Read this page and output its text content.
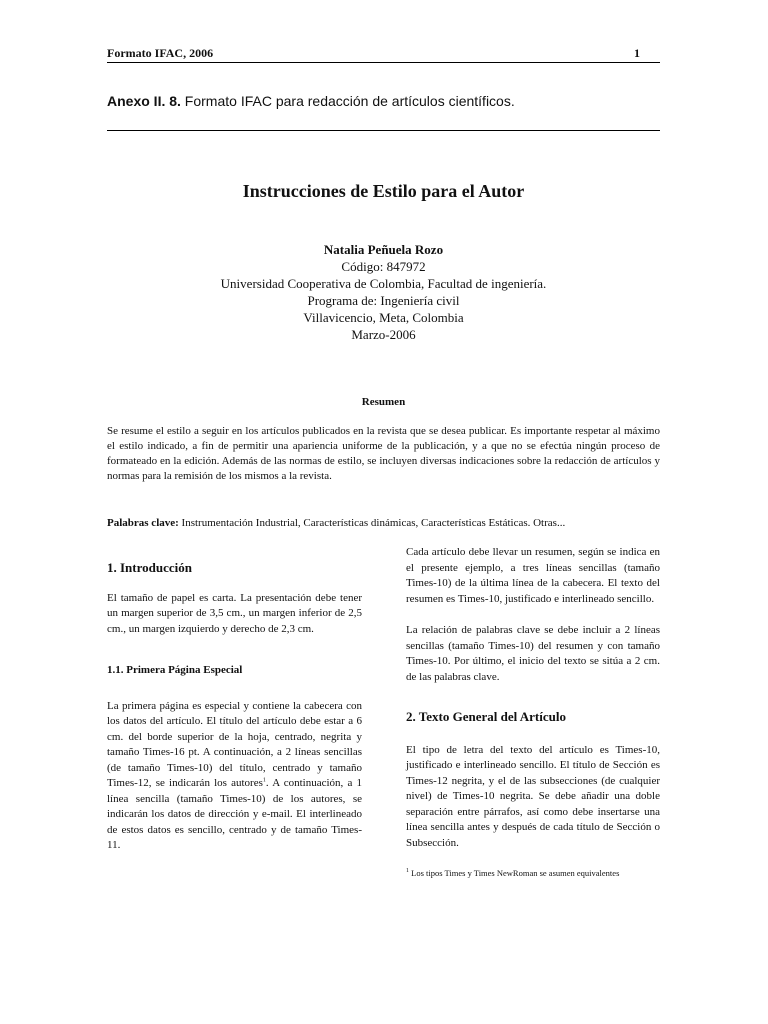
Formato IFAC, 2006	1
Anexo II. 8. Formato IFAC para redacción de artículos científicos.
Instrucciones de Estilo para el Autor
Natalia Peñuela Rozo
Código: 847972
Universidad Cooperativa de Colombia, Facultad de ingeniería.
Programa de: Ingeniería civil
Villavicencio, Meta, Colombia
Marzo-2006
Resumen

Se resume el estilo a seguir en los artículos publicados en la revista que se desea publicar. Es importante respetar al máximo el estilo indicado, a fin de permitir una apariencia uniforme de la publicación, y a que no se efectúa ningún proceso de formateado en la edición. Además de las normas de estilo, se incluyen diversas indicaciones sobre la redacción de artículos y normas para la remisión de los mismos a la revista.

Palabras clave: Instrumentación Industrial, Características dinámicas, Características Estáticas. Otras...

1. Introducción

El tamaño de papel es carta. La presentación debe tener un margen superior de 3,5 cm., un margen inferior de 2,5 cm., un margen izquierdo y derecho de 2,3 cm.

1.1. Primera Página Especial

La primera página es especial y contiene la cabecera con los datos del artículo. El título del artículo debe estar a 6 cm. del borde superior de la hoja, centrado, negrita y tamaño Times-16 pt. A continuación, a 2 líneas sencillas (de tamaño Times-10) del título, centrado y tamaño Times-12, se indicarán los autores$^1$. A continuación, a 1 línea sencilla (tamaño Times-10) de los autores, se indicarán los datos de dirección y e-mail. El interlineado de estos datos es sencillo, centrado y de tamaño Times-11.

Cada artículo debe llevar un resumen, según se indica en el presente ejemplo, a tres líneas sencillas (tamaño Times-10) de la última línea de la cabecera. El texto del resumen es Times-10, justificado e interlineado sencillo.

La relación de palabras clave se debe incluir a 2 líneas sencillas (tamaño Times-10) del resumen y con tamaño Times-10. Por último, el inicio del texto se sitúa a 2 cm. de las palabras clave.

2. Texto General del Artículo

El tipo de letra del texto del artículo es Times-10, justificado e interlineado sencillo. El título de Sección es Times-12 negrita, y el de las subsecciones (de cualquier nivel) de Times-10 negrita. Se debe añadir una doble separación entre párrafos, así como debe insertarse una línea sencilla antes y después de cada título de Sección o Subsección.

$^1$ Los tipos Times y Times NewRoman se asumen equivalentes
